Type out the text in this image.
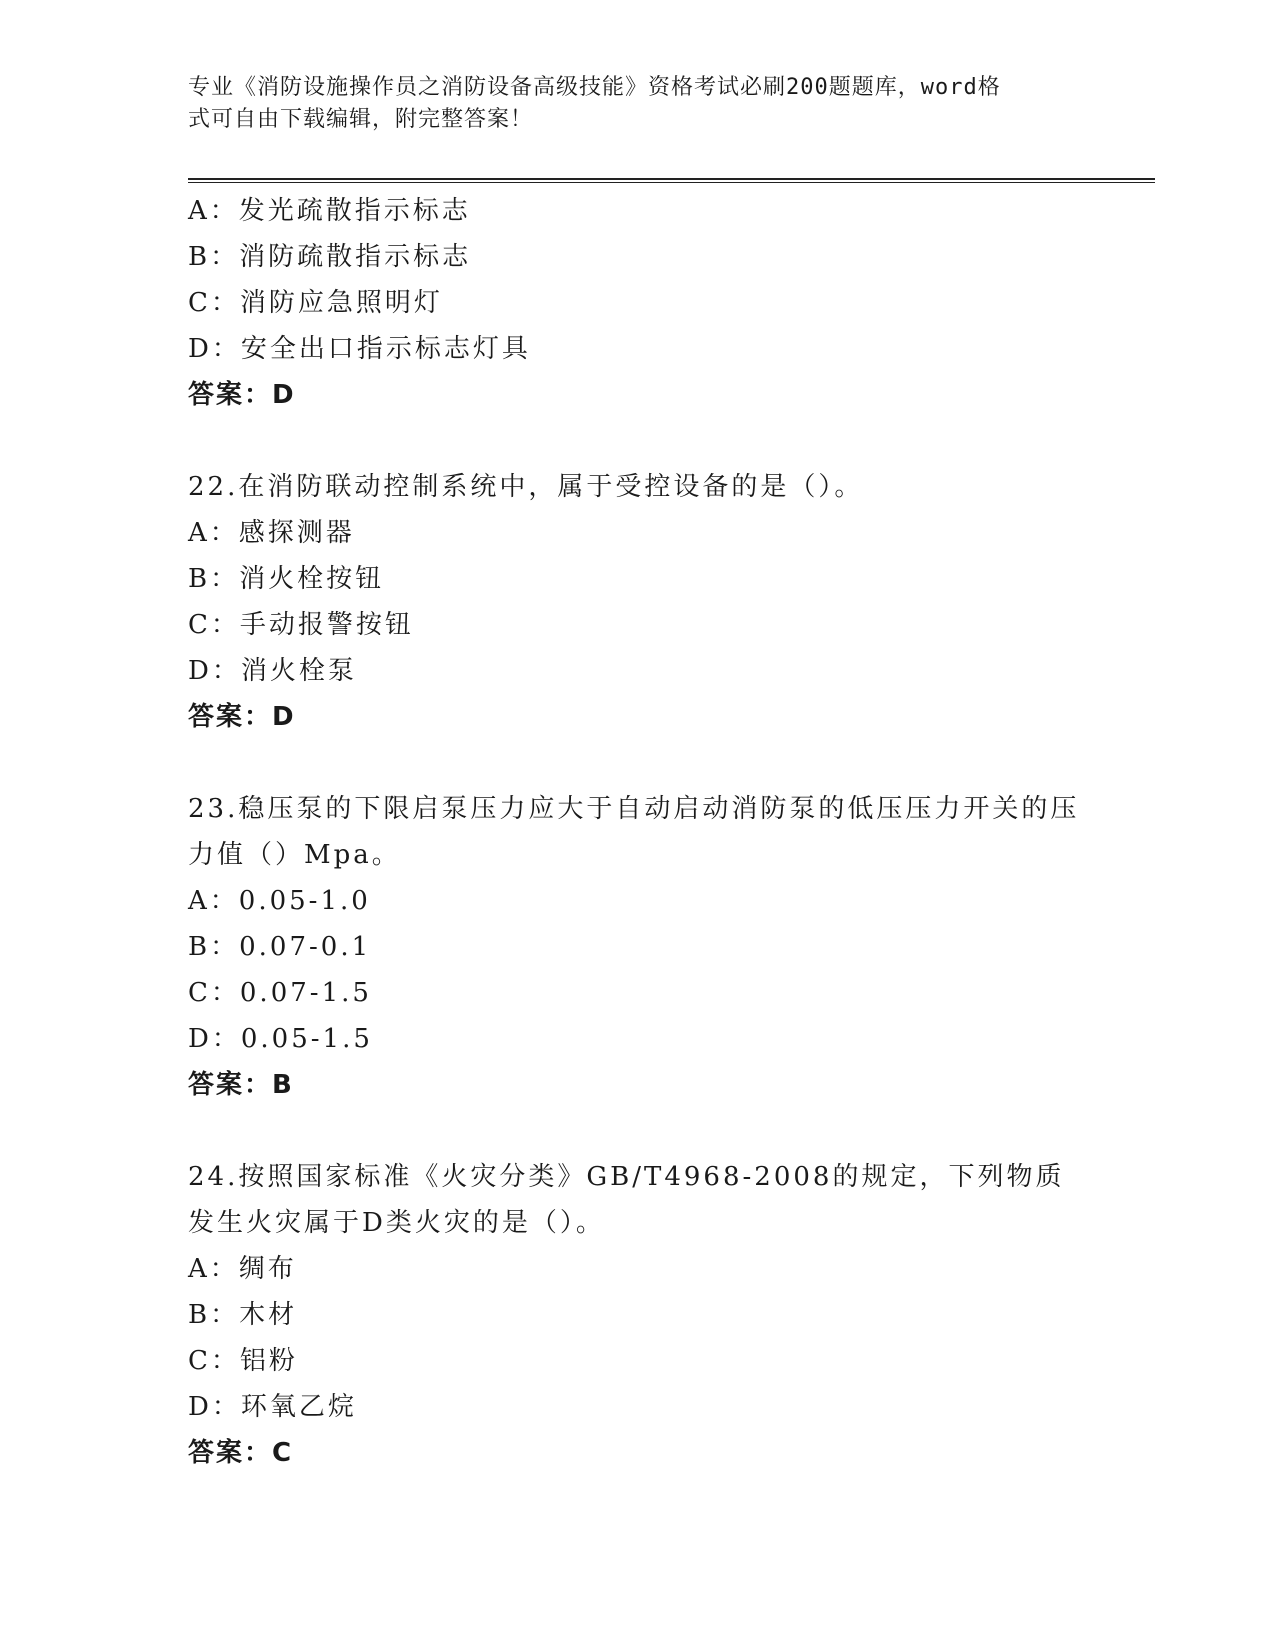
专业《消防设施操作员之消防设备高级技能》资格考试必刷200题题库，word格
式可自由下载编辑，附完整答案！
A：发光疏散指示标志
B：消防疏散指示标志
C：消防应急照明灯
D：安全出口指示标志灯具
答案：D
22.在消防联动控制系统中，属于受控设备的是（）。
A：感探测器
B：消火栓按钮
C：手动报警按钮
D：消火栓泵
答案：D
23.稳压泵的下限启泵压力应大于自动启动消防泵的低压压力开关的压力值（）Mpa。
A：0.05-1.0
B：0.07-0.1
C：0.07-1.5
D：0.05-1.5
答案：B
24.按照国家标准《火灾分类》GB/T4968-2008的规定，下列物质发生火灾属于D类火灾的是（）。
A：绸布
B：木材
C：铝粉
D：环氧乙烷
答案：C
